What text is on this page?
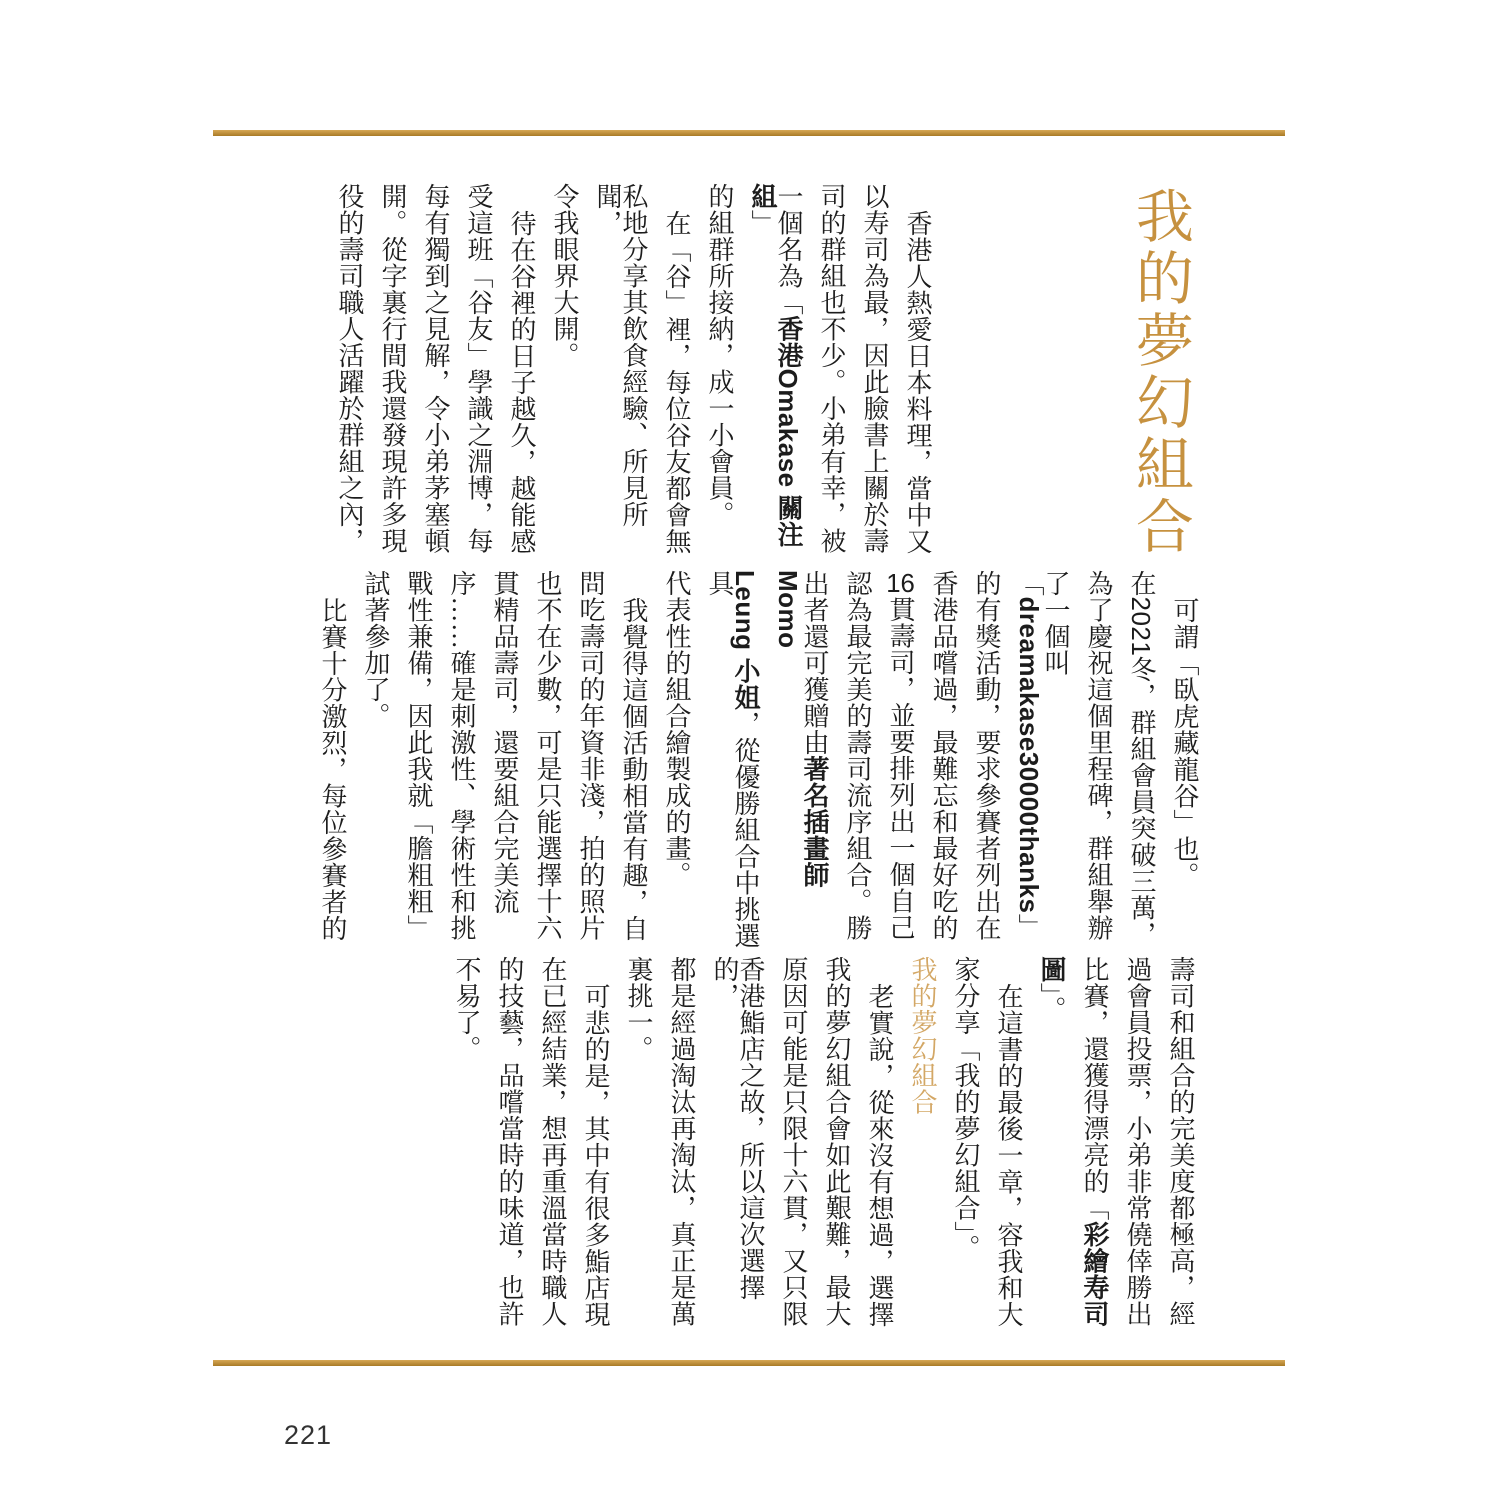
我的夢幻組合
香港人熱愛日本料理，當中又
以寿司為最，因此臉書上關於壽
司的群組也不少。小弟有幸，被
一個名為「香港Omakase 關注組」
的組群所接納，成一小會員。
在「谷」裡，每位谷友都會無
私地分享其飲食經驗、所見所聞，
令我眼界大開。
待在谷裡的日子越久，越能感
受這班「谷友」學識之淵博，每
每有獨到之見解，令小弟茅塞頓
開。從字裏行間我還發現許多現
役的壽司職人活躍於群組之內，
可謂「臥虎藏龍谷」也。
在2021冬，群組會員突破三萬，
為了慶祝這個里程碑，群組舉辦
了一個叫「dreamakase30000thanks」
的有獎活動，要求參賽者列出在
香港品嚐過，最難忘和最好吃的
16貫壽司，並要排列出一個自己
認為最完美的壽司流序組合。勝
出者還可獲贈由著名插畫師 Momo
Leung 小姐，從優勝組合中挑選具
代表性的組合繪製成的畫。
我覺得這個活動相當有趣，自
問吃壽司的年資非淺，拍的照片
也不在少數，可是只能選擇十六
貫精品壽司，還要組合完美流
序……確是刺激性、學術性和挑
戰性兼備，因此我就「膽粗粗」
試著參加了。
比賽十分激烈，每位參賽者的
壽司和組合的完美度都極高，經
過會員投票，小弟非常僥倖勝出
比賽，還獲得漂亮的「彩繪寿司
圖」。
在這書的最後一章，容我和大
家分享「我的夢幻組合」。
我的夢幻組合
老實說，從來沒有想過，選擇
我的夢幻組合會如此艱難，最大
原因可能是只限十六貫，又只限
香港鮨店之故，所以這次選擇的，
都是經過淘汰再淘汰，真正是萬
裏挑一。
可悲的是，其中有很多鮨店現
在已經結業，想再重溫當時職人
的技藝，品嚐當時的味道，也許
不易了。
221
